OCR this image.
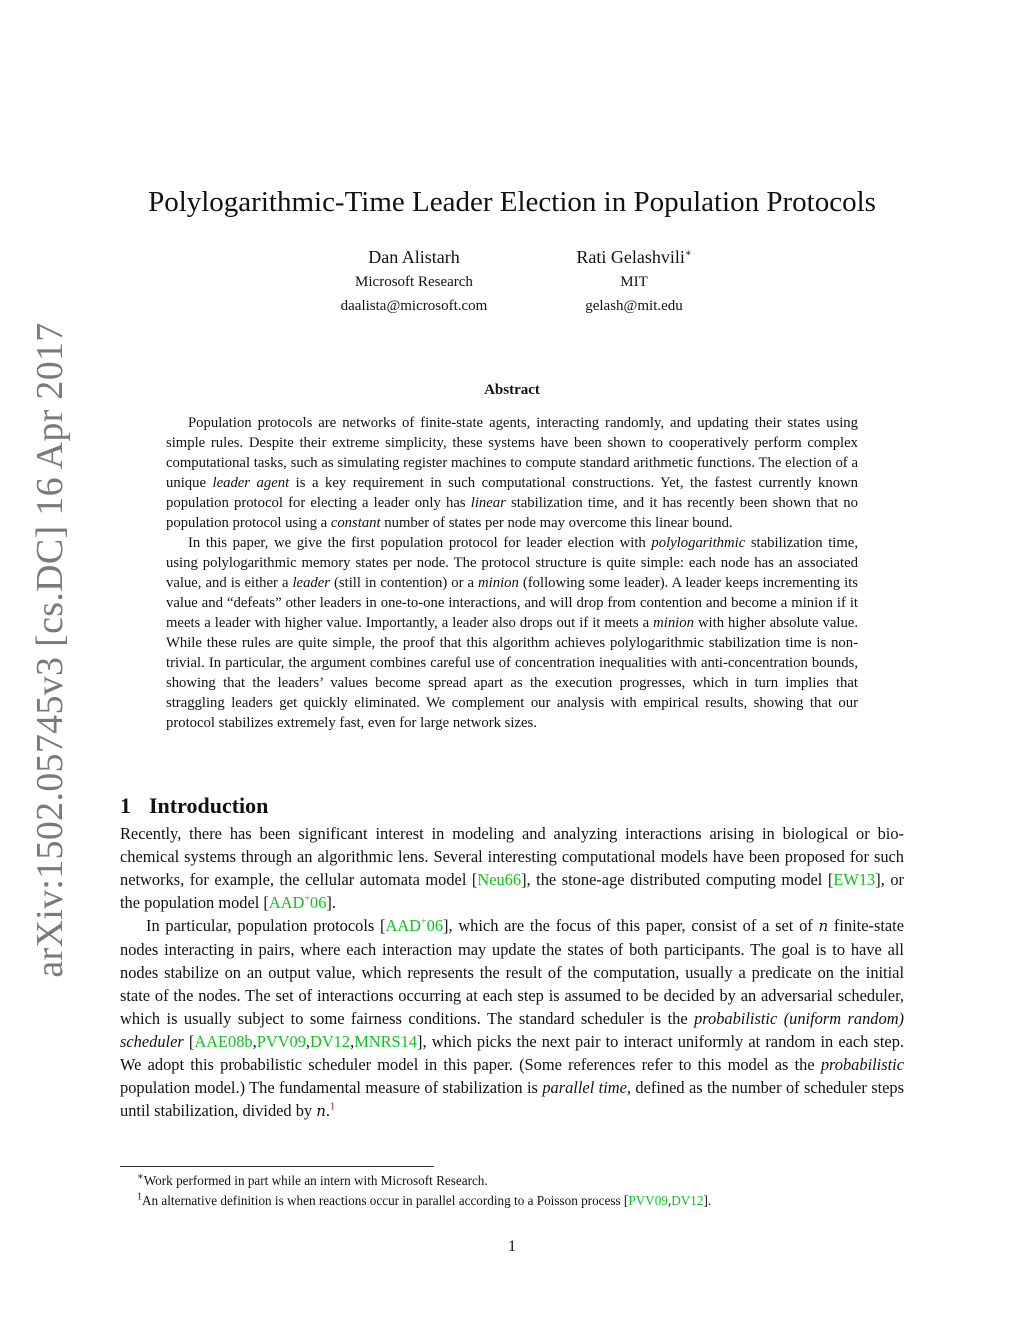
arXiv:1502.05745v3 [cs.DC] 16 Apr 2017
Polylogarithmic-Time Leader Election in Population Protocols
Dan Alistarh
Microsoft Research
daalista@microsoft.com
Rati Gelashvili∗
MIT
gelash@mit.edu
Abstract

Population protocols are networks of finite-state agents, interacting randomly, and updating their states using simple rules. Despite their extreme simplicity, these systems have been shown to cooperatively perform complex computational tasks, such as simulating register machines to compute standard arithmetic functions. The election of a unique leader agent is a key requirement in such computational constructions. Yet, the fastest currently known population protocol for electing a leader only has linear stabilization time, and it has recently been shown that no population protocol using a constant number of states per node may overcome this linear bound.

In this paper, we give the first population protocol for leader election with polylogarithmic stabilization time, using polylogarithmic memory states per node. The protocol structure is quite simple: each node has an associated value, and is either a leader (still in contention) or a minion (following some leader). A leader keeps incrementing its value and “defeats” other leaders in one-to-one interactions, and will drop from contention and become a minion if it meets a leader with higher value. Importantly, a leader also drops out if it meets a minion with higher absolute value. While these rules are quite simple, the proof that this algorithm achieves polylogarithmic stabilization time is non-trivial. In particular, the argument combines careful use of concentration inequalities with anti-concentration bounds, showing that the leaders’ values become spread apart as the execution progresses, which in turn implies that straggling leaders get quickly eliminated. We complement our analysis with empirical results, showing that our protocol stabilizes extremely fast, even for large network sizes.

1 Introduction

Recently, there has been significant interest in modeling and analyzing interactions arising in biological or bio-chemical systems through an algorithmic lens. Several interesting computational models have been proposed for such networks, for example, the cellular automata model [Neu66], the stone-age distributed computing model [EW13], or the population model [AAD+06].

In particular, population protocols [AAD+06], which are the focus of this paper, consist of a set of n finite-state nodes interacting in pairs, where each interaction may update the states of both participants. The goal is to have all nodes stabilize on an output value, which represents the result of the computation, usually a predicate on the initial state of the nodes. The set of interactions occurring at each step is assumed to be decided by an adversarial scheduler, which is usually subject to some fairness conditions. The standard scheduler is the probabilistic (uniform random) scheduler [AAE08b,PVV09,DV12,MNRS14], which picks the next pair to interact uniformly at random in each step. We adopt this probabilistic scheduler model in this paper. (Some references refer to this model as the probabilistic population model.) The fundamental measure of stabilization is parallel time, defined as the number of scheduler steps until stabilization, divided by n.$^1$

∗Work performed in part while an intern with Microsoft Research.
$^1$An alternative definition is when reactions occur in parallel according to a Poisson process [PVV09,DV12].
1
